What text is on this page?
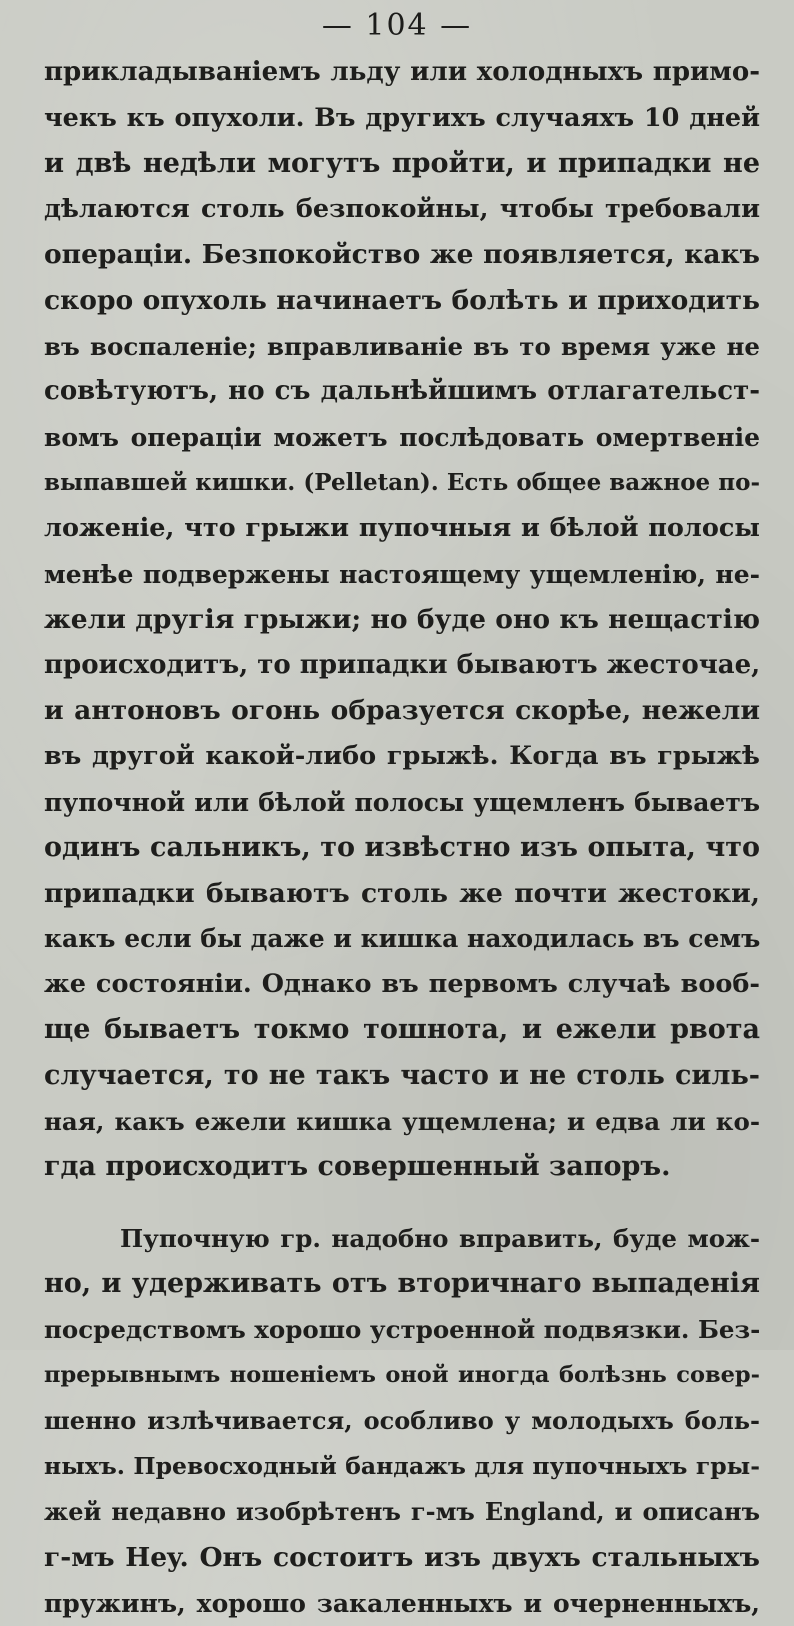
— 104 —
прикладываніемъ льду или холодныхъ примо-
чекъ къ опухоли. Въ другихъ случаяхъ 10 дней
и двѣ недѣли могутъ пройти, и припадки не
дѣлаются столь безпокойны, чтобы требовали
операціи. Безпокойство же появляется, какъ
скоро опухоль начинаетъ болѣть и приходить
въ воспаленіе; вправливаніе въ то время уже не
совѣтуютъ, но съ дальнѣйшимъ отлагательст-
вомъ операціи можетъ послѣдовать омертвеніе
выпавшей кишки. (Pelletan). Есть общее важное по-
ложеніе, что грыжи пупочныя и бѣлой полосы
менѣе подвержены настоящему ущемленію, не-
жели другія грыжи; но буде оно къ нещастію
происходитъ, то припадки бываютъ жесточае,
и антоновъ огонь образуется скорѣе, нежели
въ другой какой-либо грыжѣ. Когда въ грыжѣ
пупочной или бѣлой полосы ущемленъ бываетъ
одинъ сальникъ, то извѣстно изъ опыта, что
припадки бываютъ столь же почти жестоки,
какъ если бы даже и кишка находилась въ семъ
же состояніи. Однако въ первомъ случаѣ вооб-
ще бываетъ токмо тошнота, и ежели рвота
случается, то не такъ часто и не столь силь-
ная, какъ ежели кишка ущемлена; и едва ли ко-
гда происходитъ совершенный запоръ.
Пупочную гр. надобно вправить, буде мож-
но, и удерживать отъ вторичнаго выпаденія
посредствомъ хорошо устроенной подвязки. Без-
прерывнымъ ношеніемъ оной иногда болѣзнь совер-
шенно излѣчивается, особливо у молодыхъ боль-
ныхъ. Превосходный бандажъ для пупочныхъ гры-
жей недавно изобрѣтенъ г-мъ England, и описанъ
г-мъ Hey. Онъ состоитъ изъ двухъ стальныхъ
пружинъ, хорошо закаленныхъ и очерненныхъ,
